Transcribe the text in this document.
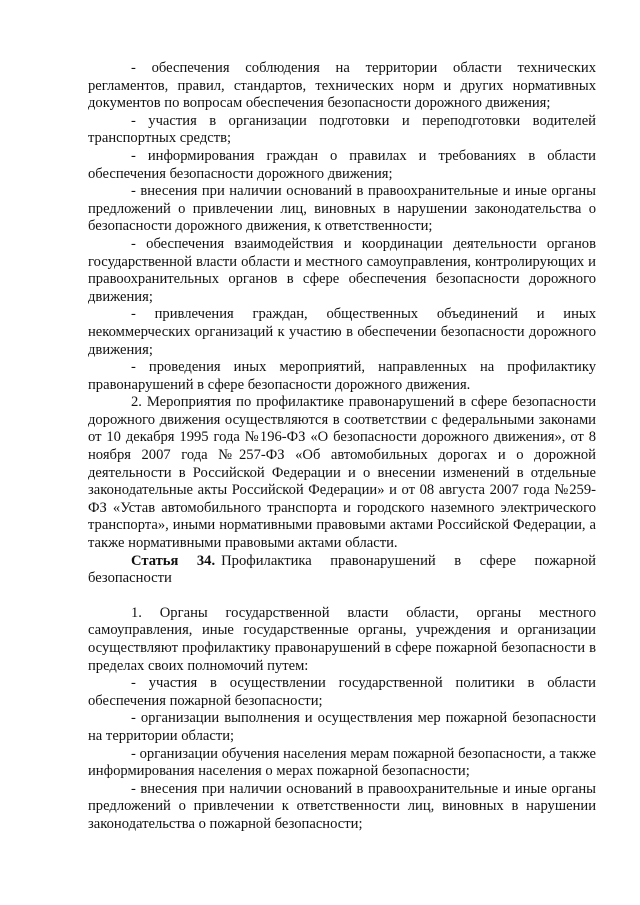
- обеспечения соблюдения на территории области технических регламентов, правил, стандартов, технических норм и других нормативных документов по вопросам обеспечения безопасности дорожного движения;

- участия в организации подготовки и переподготовки водителей транспортных средств;

- информирования граждан о правилах и требованиях в области обеспечения безопасности дорожного движения;

- внесения при наличии оснований в правоохранительные и иные органы предложений о привлечении лиц, виновных в нарушении законодательства о безопасности дорожного движения, к ответственности;

- обеспечения взаимодействия и координации деятельности органов государственной власти области и местного самоуправления, контролирующих и правоохранительных органов в сфере обеспечения безопасности дорожного движения;

- привлечения граждан, общественных объединений и иных некоммерческих организаций к участию в обеспечении безопасности дорожного движения;

- проведения иных мероприятий, направленных на профилактику правонарушений в сфере безопасности дорожного движения.

2. Мероприятия по профилактике правонарушений в сфере безопасности дорожного движения осуществляются в соответствии с федеральными законами от 10 декабря 1995 года №196-ФЗ «О безопасности дорожного движения», от 8 ноября 2007 года №257-ФЗ «Об автомобильных дорогах и о дорожной деятельности в Российской Федерации и о внесении изменений в отдельные законодательные акты Российской Федерации» и от 08 августа 2007 года №259-ФЗ «Устав автомобильного транспорта и городского наземного электрического транспорта», иными нормативными правовыми актами Российской Федерации, а также нормативными правовыми актами области.

Статья 34. Профилактика правонарушений в сфере пожарной безопасности

1. Органы государственной власти области, органы местного самоуправления, иные государственные органы, учреждения и организации осуществляют профилактику правонарушений в сфере пожарной безопасности в пределах своих полномочий путем:

- участия в осуществлении государственной политики в области обеспечения пожарной безопасности;

- организации выполнения и осуществления мер пожарной безопасности на территории области;

- организации обучения населения мерам пожарной безопасности, а также информирования населения о мерах пожарной безопасности;

- внесения при наличии оснований в правоохранительные и иные органы предложений о привлечении к ответственности лиц, виновных в нарушении законодательства о пожарной безопасности;
